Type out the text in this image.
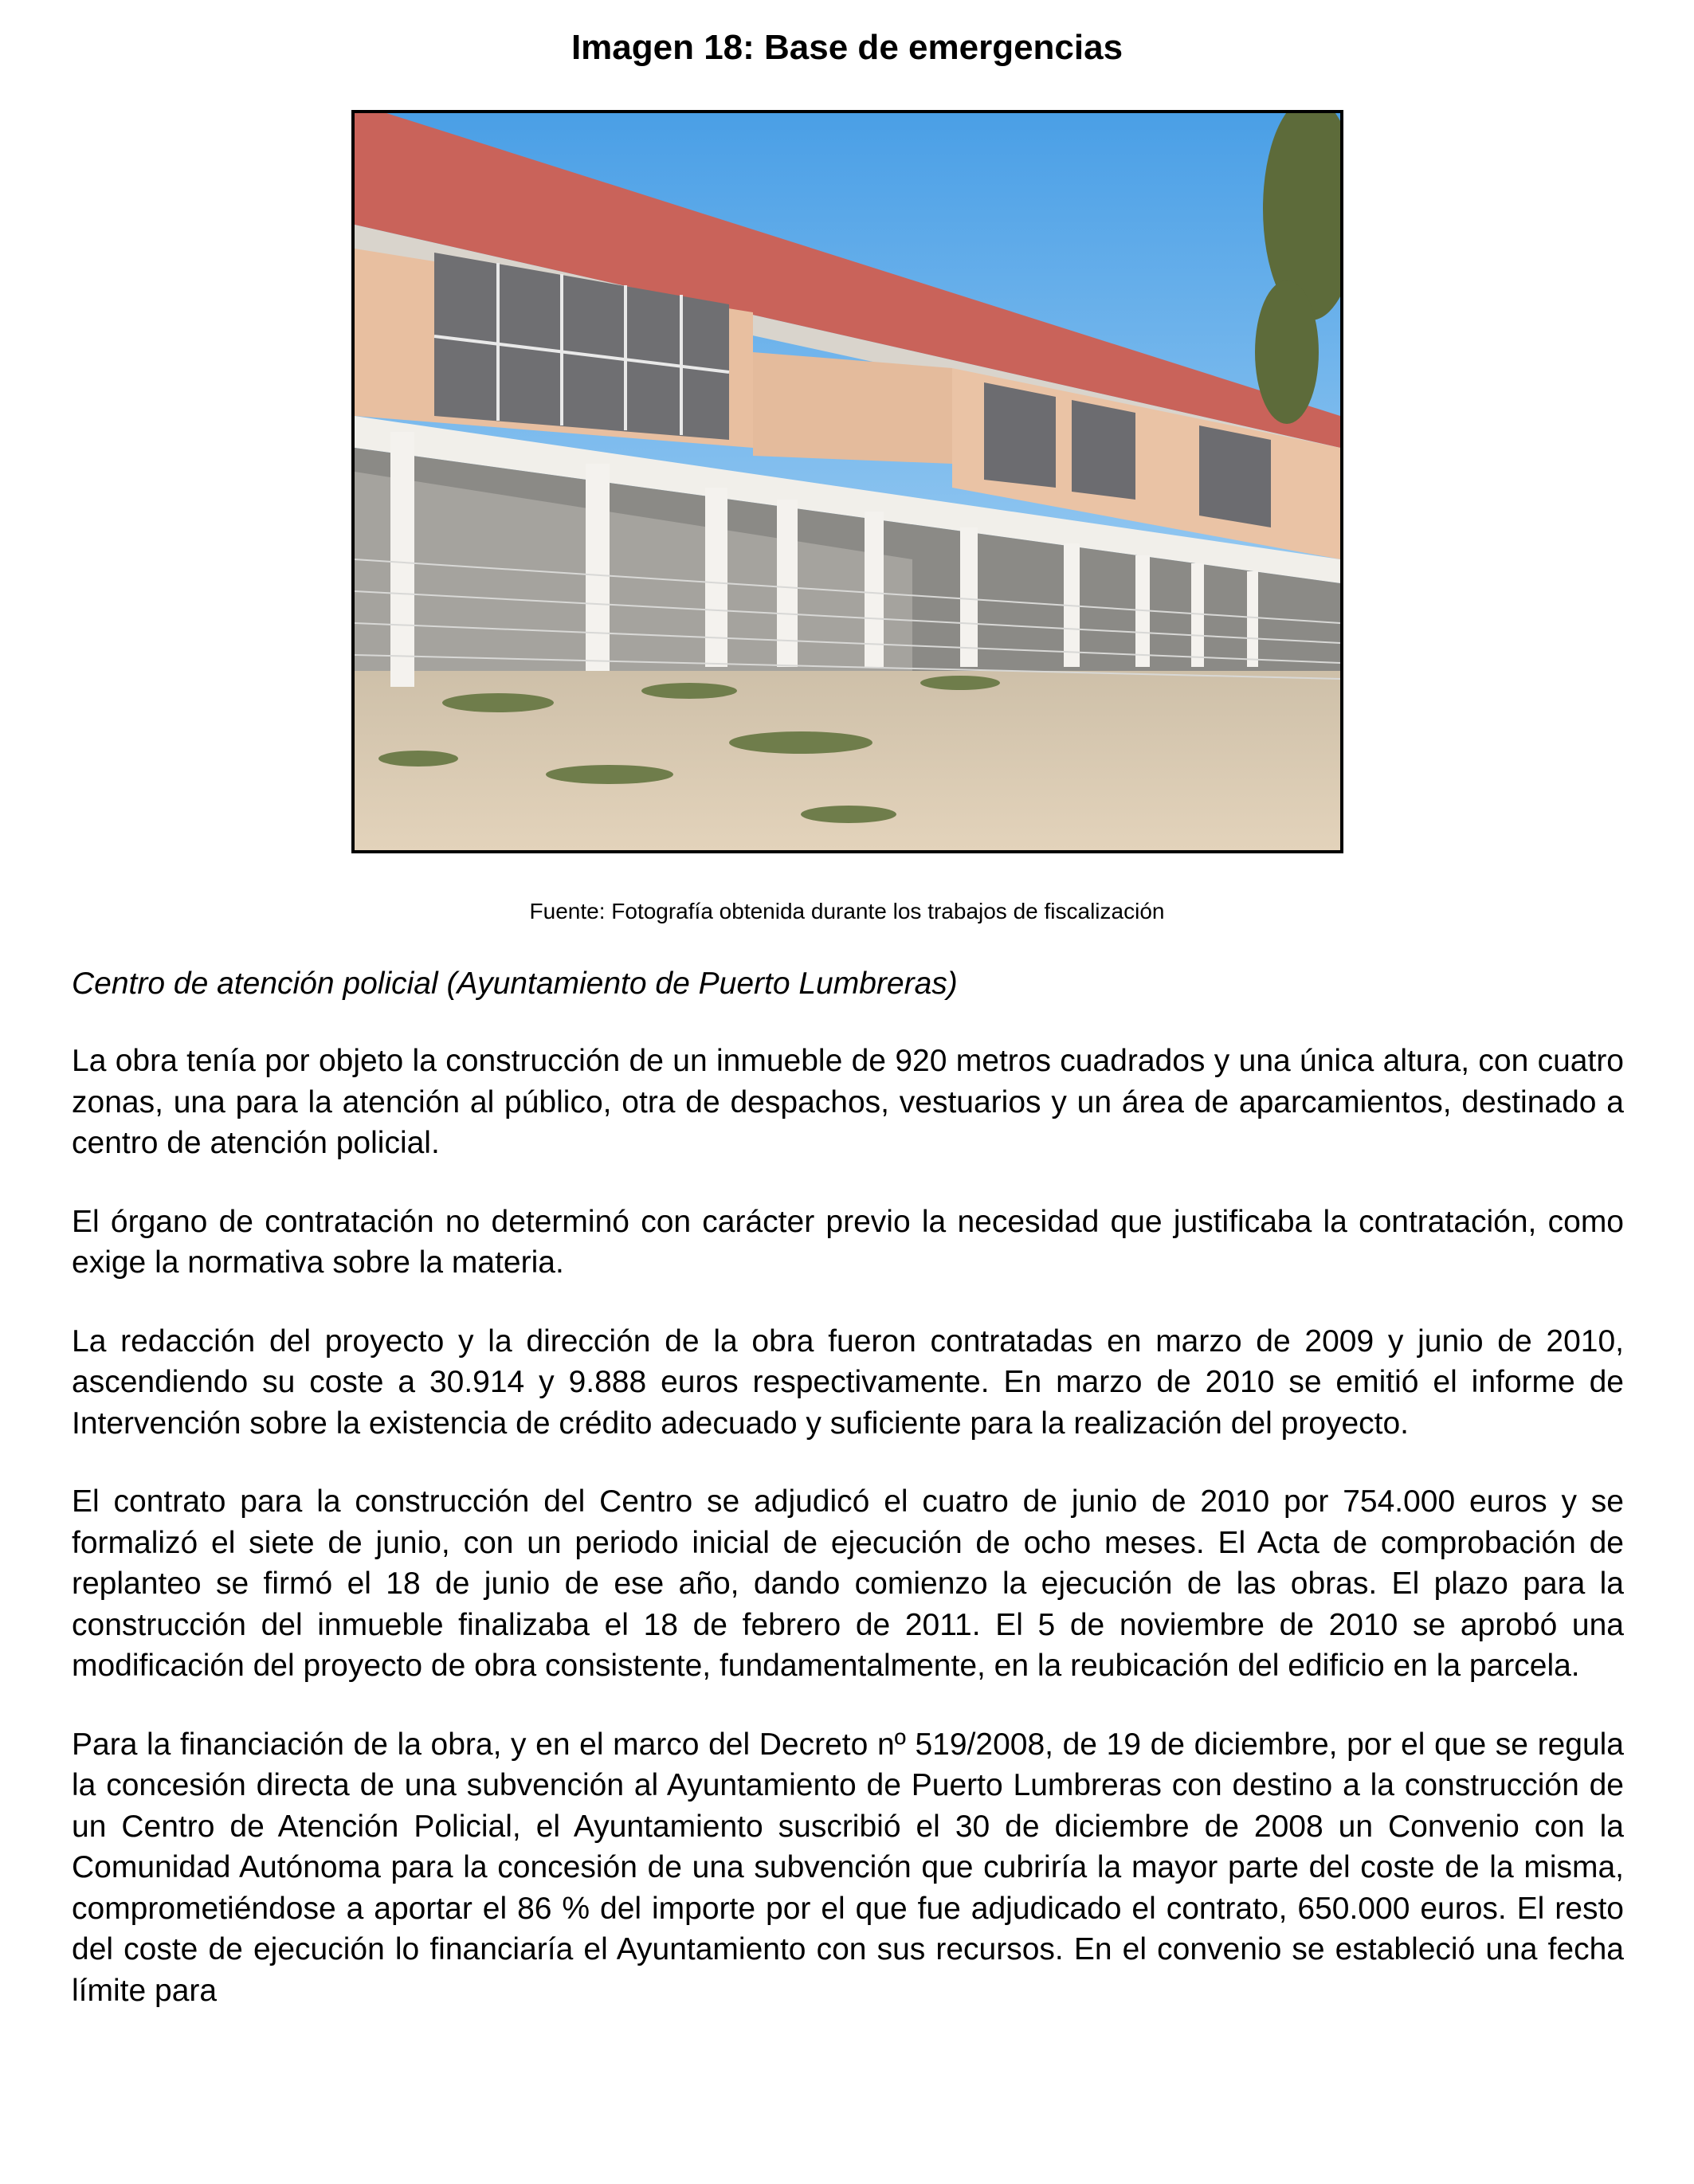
Imagen 18: Base de emergencias
Fuente: Fotografía obtenida durante los trabajos de fiscalización

Centro de atención policial (Ayuntamiento de Puerto Lumbreras)

La obra tenía por objeto la construcción de un inmueble de 920 metros cuadrados y una única altura, con cuatro zonas, una para la atención al público, otra de despachos, vestuarios y un área de aparcamientos, destinado a centro de atención policial.

El órgano de contratación no determinó con carácter previo la necesidad que justificaba la contratación, como exige la normativa sobre la materia.

La redacción del proyecto y la dirección de la obra fueron contratadas en marzo de 2009 y junio de 2010, ascendiendo su coste a 30.914 y 9.888 euros respectivamente. En marzo de 2010 se emitió el informe de Intervención sobre la existencia de crédito adecuado y suficiente para la realización del proyecto.

El contrato para la construcción del Centro se adjudicó el cuatro de junio de 2010 por 754.000 euros y se formalizó el siete de junio, con un periodo inicial de ejecución de ocho meses. El Acta de comprobación de replanteo se firmó el 18 de junio de ese año, dando comienzo la ejecución de las obras. El plazo para la construcción del inmueble finalizaba el 18 de febrero de 2011. El 5 de noviembre de 2010 se aprobó una modificación del proyecto de obra consistente, fundamentalmente, en la reubicación del edificio en la parcela.

Para la financiación de la obra, y en el marco del Decreto nº 519/2008, de 19 de diciembre, por el que se regula la concesión directa de una subvención al Ayuntamiento de Puerto Lumbreras con destino a la construcción de un Centro de Atención Policial, el Ayuntamiento suscribió el 30 de diciembre de 2008 un Convenio con la Comunidad Autónoma para la concesión de una subvención que cubriría la mayor parte del coste de la misma, comprometiéndose a aportar el 86 % del importe por el que fue adjudicado el contrato, 650.000 euros. El resto del coste de ejecución lo financiaría el Ayuntamiento con sus recursos. En el convenio se estableció una fecha límite para
